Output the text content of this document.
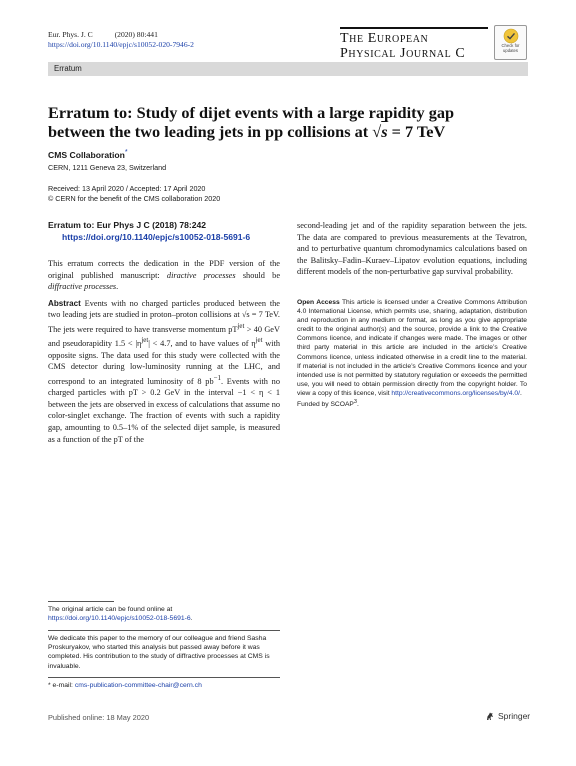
Eur. Phys. J. C	(2020) 80:441
https://doi.org/10.1140/epjc/s10052-020-7946-2	The European
Physical Journal C
Check for
updates
Erratum
Erratum to: Study of dijet events with a large rapidity gap
between the two leading jets in pp collisions at √s = 7 TeV
CMS Collaboration*
CERN, 1211 Geneva 23, Switzerland
Received: 13 April 2020 / Accepted: 17 April 2020
© CERN for the benefit of the CMS collaboration 2020
Erratum to: Eur Phys J C (2018) 78:242
https://doi.org/10.1140/epjc/s10052-018-5691-6

This erratum corrects the dedication in the PDF version of the original published manuscript: diractive processes should be diffractive processes.

Abstract Events with no charged particles produced between the two leading jets are studied in proton–proton collisions at √s = 7 TeV. The jets were required to have transverse momentum $pT^{jet} > 40$ GeV and pseudorapidity $1.5 < |\eta^{jet}| < 4.7$, and to have values of $\eta^{jet}$ with opposite signs. The data used for this study were collected with the CMS detector during low-luminosity running at the LHC, and correspond to an integrated luminosity of 8 $pb^{-1}$. Events with no charged particles with pT > 0.2 GeV in the interval −1 < η < 1 between the jets are observed in excess of calculations that assume no color-singlet exchange. The fraction of events with such a rapidity gap, amounting to 0.5–1% of the selected dijet sample, is measured as a function of the pT of the

second-leading jet and of the rapidity separation between the jets. The data are compared to previous measurements at the Tevatron, and to perturbative quantum chromodynamics calculations based on the Balitsky–Fadin–Kuraev–Lipatov evolution equations, including different models of the non-perturbative gap survival probability.

Open Access This article is licensed under a Creative Commons Attribution 4.0 International License, which permits use, sharing, adaptation, distribution and reproduction in any medium or format, as long as you give appropriate credit to the original author(s) and the source, provide a link to the Creative Commons licence, and indicate if changes were made. The images or other third party material in this article are included in the article’s Creative Commons licence, unless indicated otherwise in a credit line to the material. If material is not included in the article’s Creative Commons licence and your intended use is not permitted by statutory regulation or exceeds the permitted use, you will need to obtain permission directly from the copyright holder. To view a copy of this licence, visit http://creativecommons.org/licenses/by/4.0/.
Funded by SCOAP$^3$.
The original article can be found online at https://doi.org/10.1140/epjc/s10052-018-5691-6.
We dedicate this paper to the memory of our colleague and friend Sasha Proskuryakov, who started this analysis but passed away before it was completed. His contribution to the study of diffractive processes at CMS is invaluable.
* e-mail: cms-publication-committee-chair@cern.ch
Published online: 18 May 2020	Springer
